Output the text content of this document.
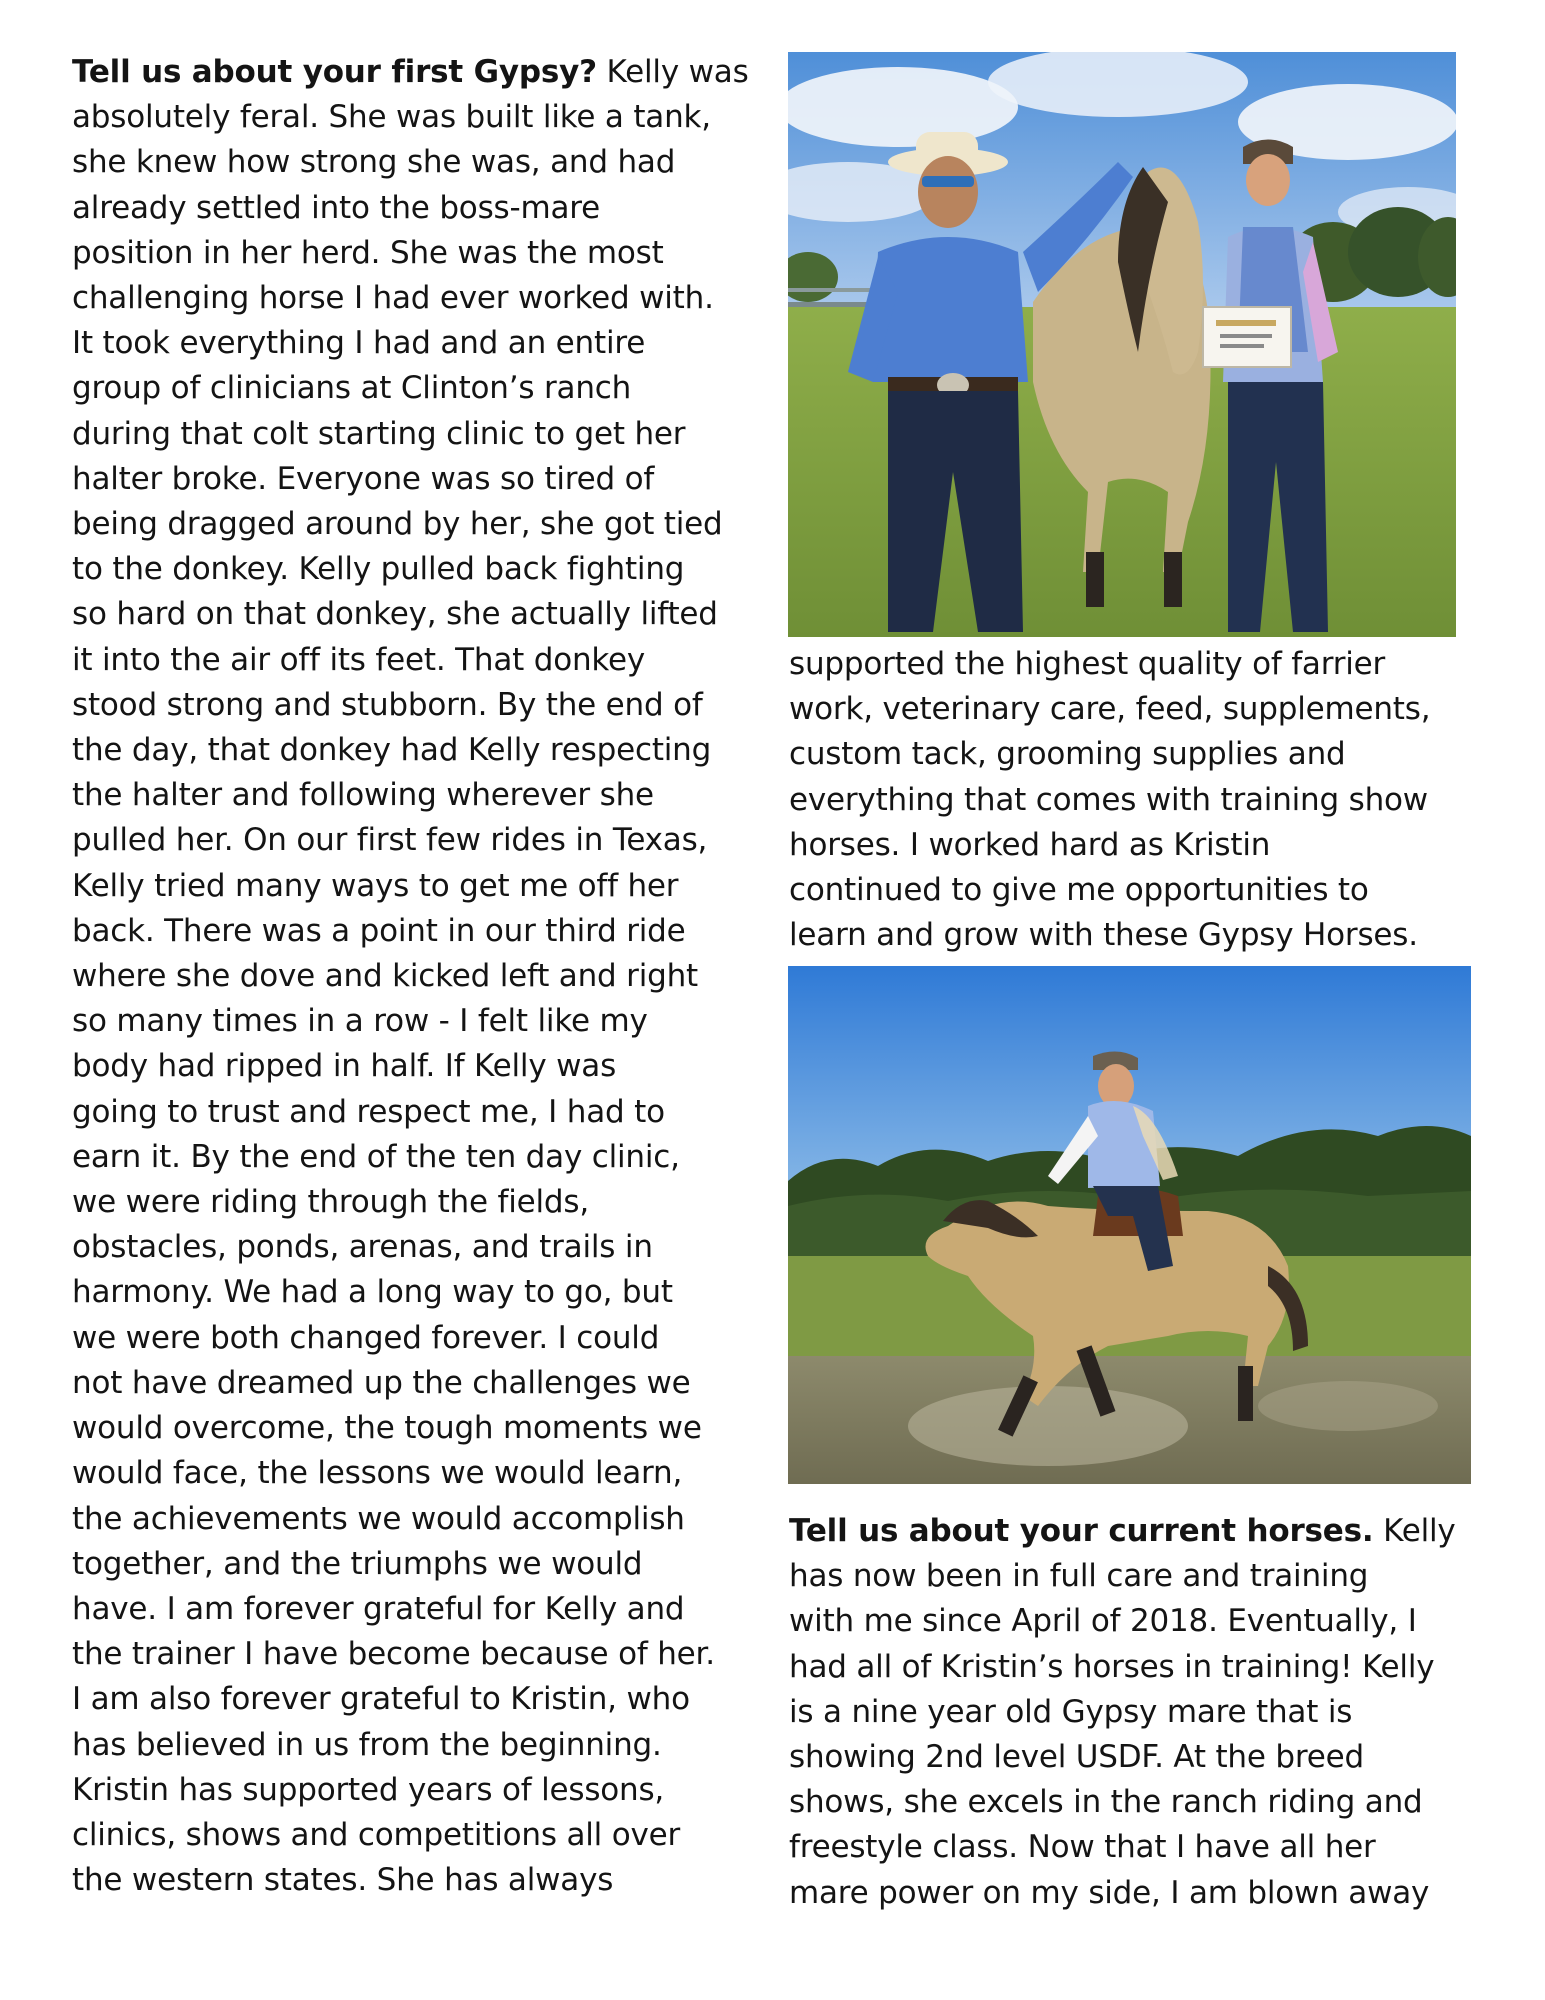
Tell us about your first Gypsy? Kelly was
absolutely feral. She was built like a tank,
she knew how strong she was, and had
already settled into the boss-mare
position in her herd. She was the most
challenging horse I had ever worked with.
It took everything I had and an entire
group of clinicians at Clinton’s ranch
during that colt starting clinic to get her
halter broke. Everyone was so tired of
being dragged around by her, she got tied
to the donkey. Kelly pulled back fighting
so hard on that donkey, she actually lifted
it into the air off its feet. That donkey
stood strong and stubborn. By the end of
the day, that donkey had Kelly respecting
the halter and following wherever she
pulled her. On our first few rides in Texas,
Kelly tried many ways to get me off her
back. There was a point in our third ride
where she dove and kicked left and right
so many times in a row - I felt like my
body had ripped in half. If Kelly was
going to trust and respect me, I had to
earn it. By the end of the ten day clinic,
we were riding through the fields,
obstacles, ponds, arenas, and trails in
harmony. We had a long way to go, but
we were both changed forever. I could
not have dreamed up the challenges we
would overcome, the tough moments we
would face, the lessons we would learn,
the achievements we would accomplish
together, and the triumphs we would
have. I am forever grateful for Kelly and
the trainer I have become because of her.
I am also forever grateful to Kristin, who
has believed in us from the beginning.
Kristin has supported years of lessons,
clinics, shows and competitions all over
the western states. She has always
supported the highest quality of farrier
work, veterinary care, feed, supplements,
custom tack, grooming supplies and
everything that comes with training show
horses. I worked hard as Kristin
continued to give me opportunities to
learn and grow with these Gypsy Horses.
Tell us about your current horses. Kelly
has now been in full care and training
with me since April of 2018. Eventually, I
had all of Kristin’s horses in training! Kelly
is a nine year old Gypsy mare that is
showing 2nd level USDF. At the breed
shows, she excels in the ranch riding and
freestyle class. Now that I have all her
mare power on my side, I am blown away
